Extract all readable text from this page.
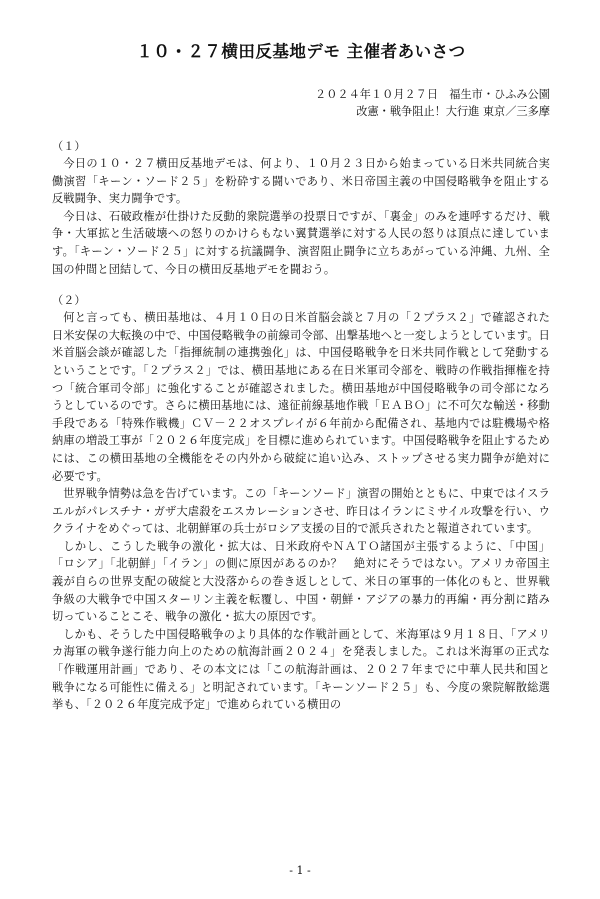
１０・２７横田反基地デモ 主催者あいさつ
２０２４年１０月２７日　福生市・ひふみ公園
改憲・戦争阻止！大行進 東京／三多摩

（１）

今日の１０・２７横田反基地デモは、何より、１０月２３日から始まっている日米共同統合実働演習「キーン・ソード２５」を粉砕する闘いであり、米日帝国主義の中国侵略戦争を阻止する反戦闘争、実力闘争です。

今日は、石破政権が仕掛けた反動的衆院選挙の投票日ですが、「裏金」のみを連呼するだけ、戦争・大軍拡と生活破壊への怒りのかけらもない翼賛選挙に対する人民の怒りは頂点に達しています。「キーン・ソード２５」に対する抗議闘争、演習阻止闘争に立ちあがっている沖縄、九州、全国の仲間と団結して、今日の横田反基地デモを闘おう。

（２）

何と言っても、横田基地は、４月１０日の日米首脳会談と７月の「２プラス２」で確認された日米安保の大転換の中で、中国侵略戦争の前線司令部、出撃基地へと一変しようとしています。日米首脳会談が確認した「指揮統制の連携強化」は、中国侵略戦争を日米共同作戦として発動するということです。「２プラス２」では、横田基地にある在日米軍司令部を、戦時の作戦指揮権を持つ「統合軍司令部」に強化することが確認されました。横田基地が中国侵略戦争の司令部になろうとしているのです。さらに横田基地には、遠征前線基地作戦「ＥＡＢＯ」に不可欠な輸送・移動手段である「特殊作戦機」ＣＶ－２２オスプレイが６年前から配備され、基地内では駐機場や格納庫の増設工事が「２０２６年度完成」を目標に進められています。中国侵略戦争を阻止するためには、この横田基地の全機能をその内外から破綻に追い込み、ストップさせる実力闘争が絶対に必要です。

世界戦争情勢は急を告げています。この「キーンソード」演習の開始とともに、中東ではイスラエルがパレスチナ・ガザ大虐殺をエスカレーションさせ、昨日はイランにミサイル攻撃を行い、ウクライナをめぐっては、北朝鮮軍の兵士がロシア支援の目的で派兵されたと報道されています。

しかし、こうした戦争の激化・拡大は、日米政府やＮＡＴＯ諸国が主張するように、「中国」「ロシア」「北朝鮮」「イラン」の側に原因があるのか？　絶対にそうではない。アメリカ帝国主義が自らの世界支配の破綻と大没落からの巻き返しとして、米日の軍事的一体化のもと、世界戦争級の大戦争で中国スターリン主義を転覆し、中国・朝鮮・アジアの暴力的再編・再分割に踏み切っていることこそ、戦争の激化・拡大の原因です。

しかも、そうした中国侵略戦争のより具体的な作戦計画として、米海軍は９月１８日、「アメリカ海軍の戦争遂行能力向上のための航海計画２０２４」を発表しました。これは米海軍の正式な「作戦運用計画」であり、その本文には「この航海計画は、２０２７年までに中華人民共和国と戦争になる可能性に備える」と明記されています。「キーンソード２５」も、今度の衆院解散総選挙も、「２０２６年度完成予定」で進められている横田の

- 1 -
